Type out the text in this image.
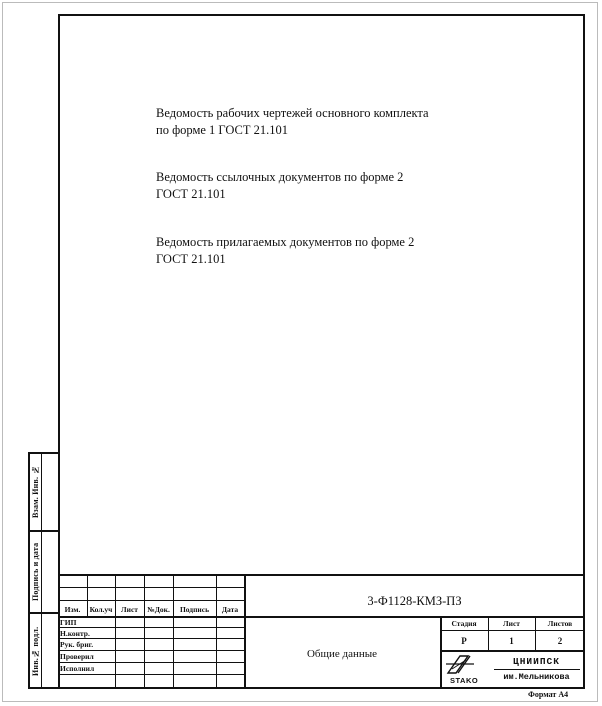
Ведомость рабочих чертежей основного комплекта
по форме 1 ГОСТ 21.101
Ведомость ссылочных документов по форме 2
ГОСТ 21.101
Ведомость прилагаемых документов по форме 2
ГОСТ 21.101
Взам. Инв. №
Подпись и дата
Инв.№ подл.
Изм.	Кол.уч	Лист	№Док.	Подпись	Дата
ГИП
Н.контр.
Рук. бриг.
Проверил
Исполнил
3-Ф1128-КМЗ-ПЗ
Общие данные
Стадия	Лист	Листов
Р	1	2
STAKO
ЦНИИПСК
им.Мельникова
Формат А4
